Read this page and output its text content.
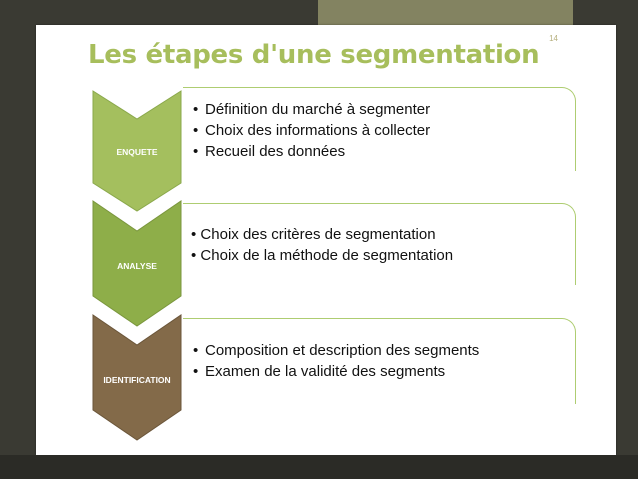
14
Les étapes d'une segmentation
ENQUETE
• Définition du marché à segmenter
• Choix des informations à collecter
• Recueil des données
ANALYSE
• Choix des critères de segmentation
• Choix de la méthode de segmentation
IDENTIFICATION
• Composition et description des segments
• Examen de la validité des segments
